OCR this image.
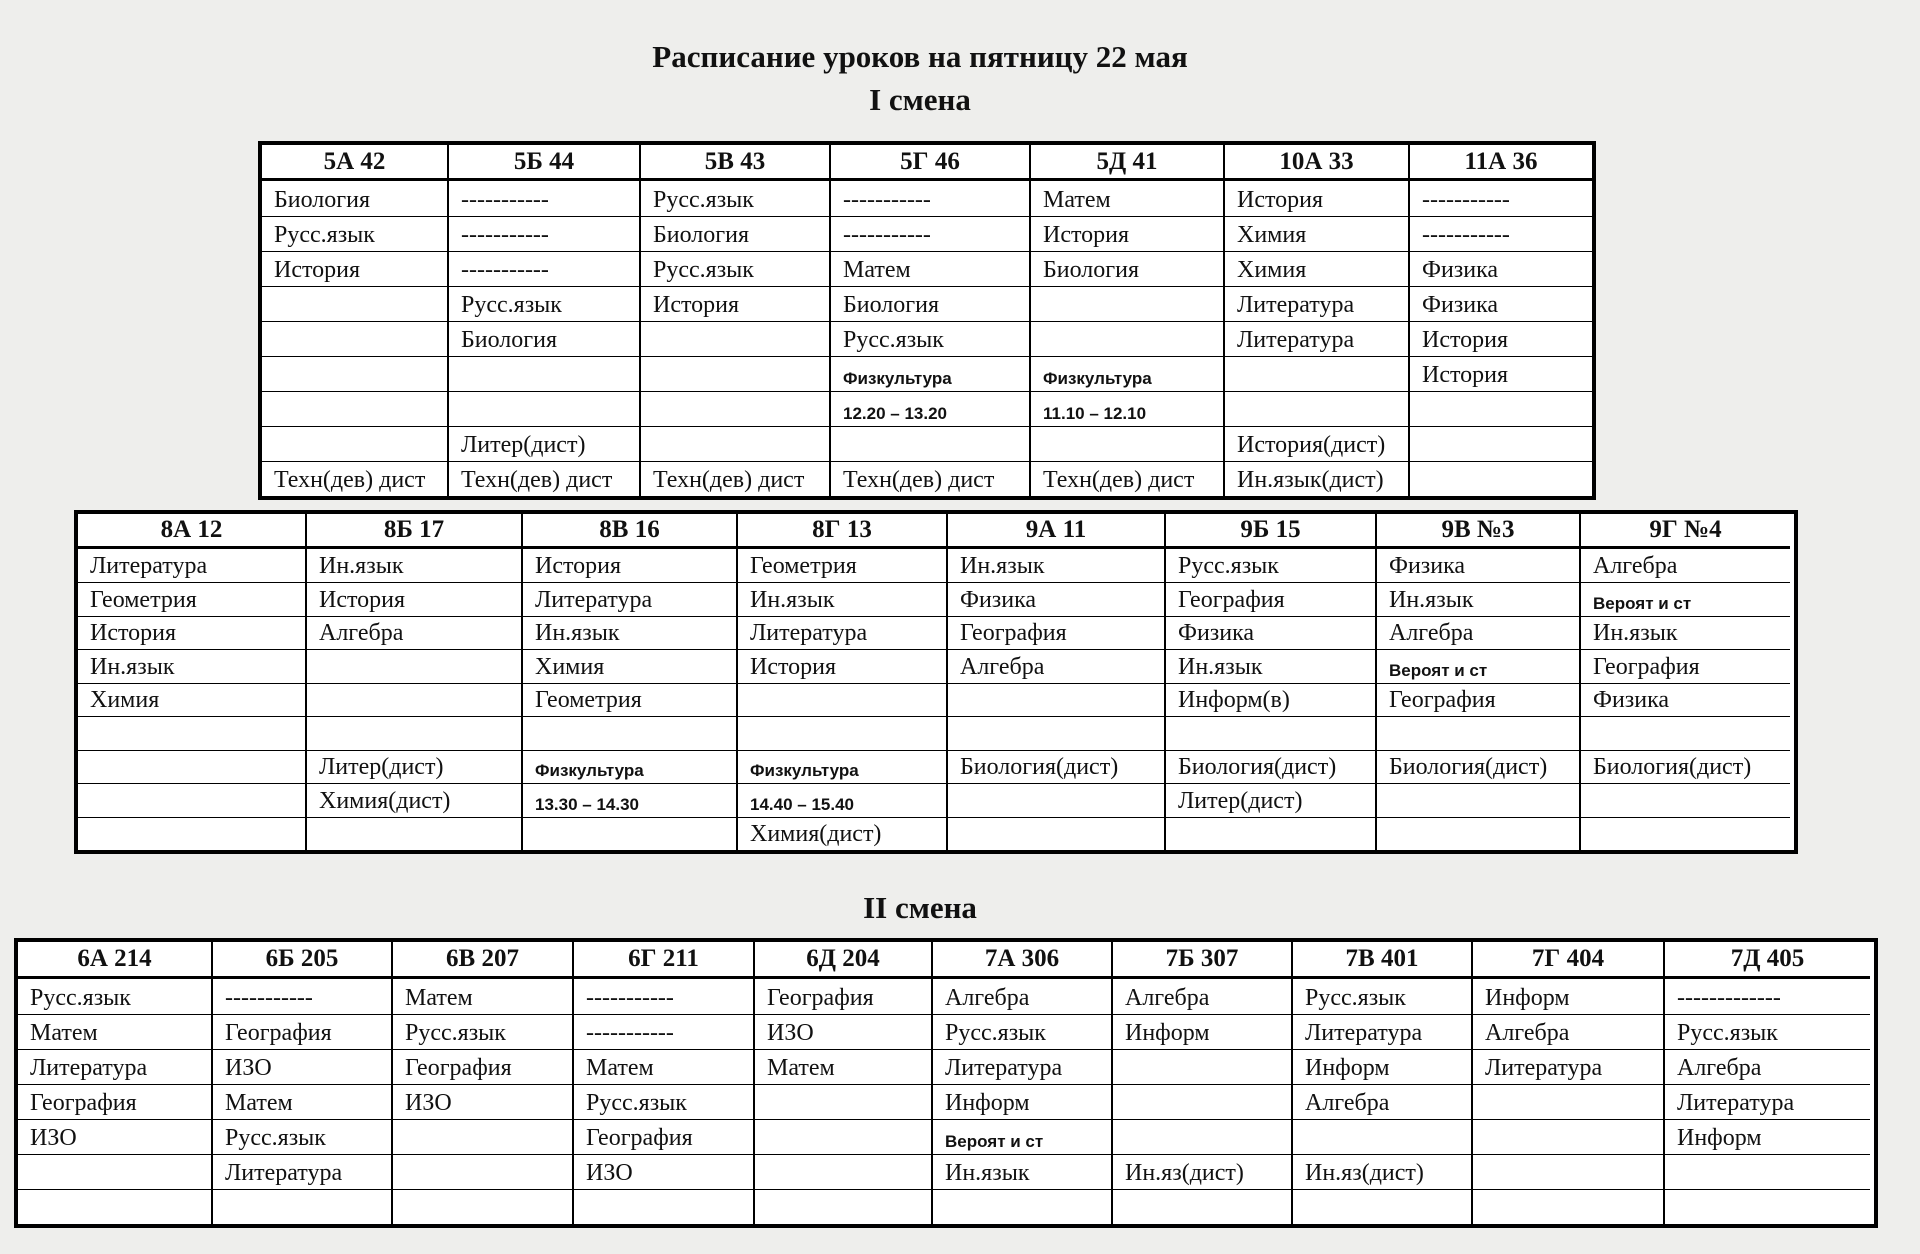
Расписание уроков на пятницу 22 мая
I смена
5А 42
Биология
Русс.язык
История
Техн(дев) дист
5Б 44
-----------
-----------
-----------
Русс.язык
Биология
Литер(дист)
Техн(дев) дист
5В 43
Русс.язык
Биология
Русс.язык
История
Техн(дев) дист
5Г 46
-----------
-----------
Матем
Биология
Русс.язык
Физкультура
12.20 – 13.20
Техн(дев) дист
5Д 41
Матем
История
Биология
Физкультура
11.10 – 12.10
Техн(дев) дист
10А 33
История
Химия
Химия
Литература
Литература
История(дист)
Ин.язык(дист)
11А 36
-----------
-----------
Физика
Физика
История
История
8А 12
Литература
Геометрия
История
Ин.язык
Химия
8Б 17
Ин.язык
История
Алгебра
Литер(дист)
Химия(дист)
8В 16
История
Литература
Ин.язык
Химия
Геометрия
Физкультура
13.30 – 14.30
8Г 13
Геометрия
Ин.язык
Литература
История
Физкультура
14.40 – 15.40
Химия(дист)
9А 11
Ин.язык
Физика
География
Алгебра
Биология(дист)
9Б 15
Русс.язык
География
Физика
Ин.язык
Информ(в)
Биология(дист)
Литер(дист)
9В №3
Физика
Ин.язык
Алгебра
Вероят и ст
География
Биология(дист)
9Г №4
Алгебра
Вероят и ст
Ин.язык
География
Физика
Биология(дист)
II смена
6А 214
Русс.язык
Матем
Литература
География
ИЗО
6Б 205
-----------
География
ИЗО
Матем
Русс.язык
Литература
6В 207
Матем
Русс.язык
География
ИЗО
6Г 211
-----------
-----------
Матем
Русс.язык
География
ИЗО
6Д 204
География
ИЗО
Матем
7А 306
Алгебра
Русс.язык
Литература
Информ
Вероят и ст
Ин.язык
7Б 307
Алгебра
Информ
Ин.яз(дист)
7В 401
Русс.язык
Литература
Информ
Алгебра
Ин.яз(дист)
7Г 404
Информ
Алгебра
Литература
7Д 405
-------------
Русс.язык
Алгебра
Литература
Информ
